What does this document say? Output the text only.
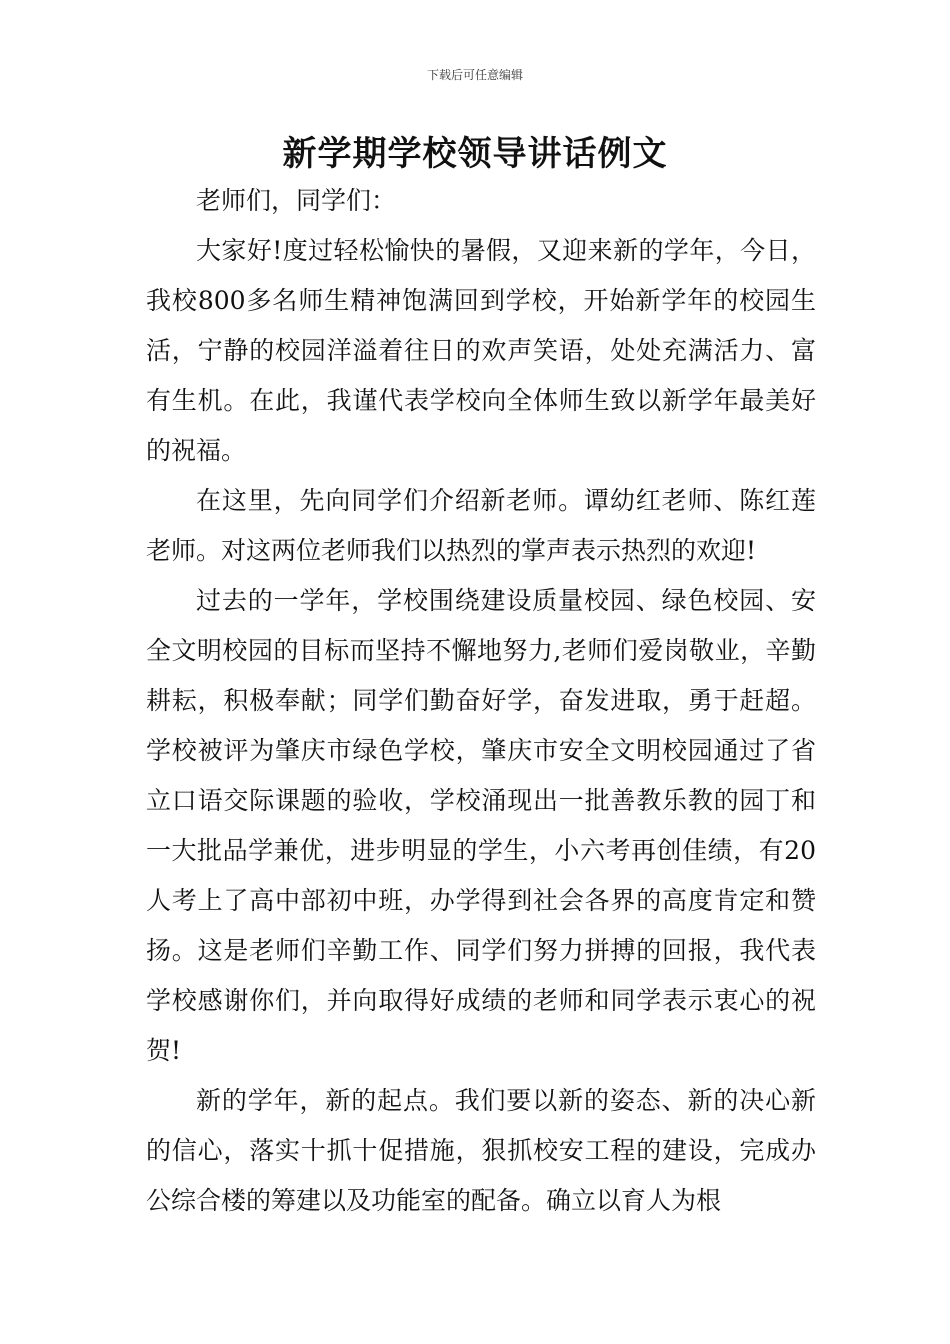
下载后可任意编辑
新学期学校领导讲话例文

老师们，同学们：

大家好!度过轻松愉快的暑假，又迎来新的学年，今日，我校800多名师生精神饱满回到学校，开始新学年的校园生活，宁静的校园洋溢着往日的欢声笑语，处处充满活力、富有生机。在此，我谨代表学校向全体师生致以新学年最美好的祝福。

在这里，先向同学们介绍新老师。谭幼红老师、陈红莲老师。对这两位老师我们以热烈的掌声表示热烈的欢迎!

过去的一学年，学校围绕建设质量校园、绿色校园、安全文明校园的目标而坚持不懈地努力,老师们爱岗敬业，辛勤耕耘，积极奉献；同学们勤奋好学，奋发进取，勇于赶超。学校被评为肇庆市绿色学校，肇庆市安全文明校园通过了省立口语交际课题的验收，学校涌现出一批善教乐教的园丁和一大批品学兼优，进步明显的学生，小六考再创佳绩，有20人考上了高中部初中班，办学得到社会各界的高度肯定和赞扬。这是老师们辛勤工作、同学们努力拼搏的回报，我代表学校感谢你们，并向取得好成绩的老师和同学表示衷心的祝贺!

新的学年，新的起点。我们要以新的姿态、新的决心新的信心，落实十抓十促措施，狠抓校安工程的建设，完成办公综合楼的筹建以及功能室的配备。确立以育人为根
